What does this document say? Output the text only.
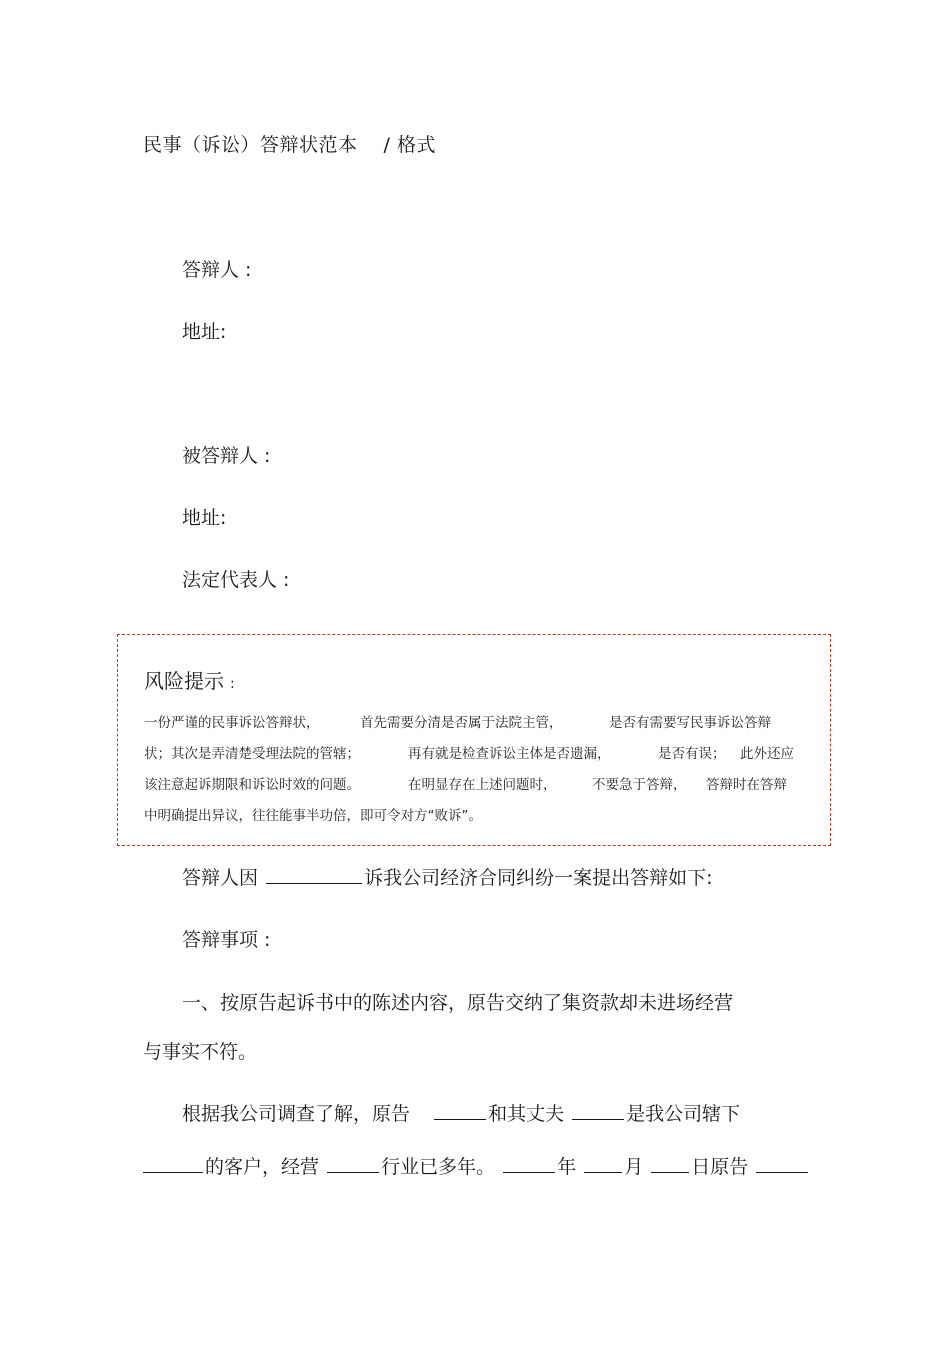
民事（诉讼）答辩状范本　 / 格式
答辩人 :
地址:
被答辩人 :
地址:
法定代表人 :
风险提示 :
一份严谨的民事诉讼答辩状，	首先需要分清是否属于法院主管，	是否有需要写民事诉讼答辩
状；其次是弄清楚受理法院的管辖；	再有就是检查诉讼主体是否遗漏，	是否有误； 此外还应
该注意起诉期限和诉讼时效的问题。	在明显存在上述问题时，	不要急于答辩， 答辩时在答辩
中明确提出异议，往往能事半功倍，即可令对方“败诉”。
答辩人因	诉我公司经济合同纠纷一案提出答辩如下:
答辩事项 :
一、按原告起诉书中的陈述内容，原告交纳了集资款却未进场经营
与事实不符。
根据我公司调查了解，原告	和其丈夫	是我公司辖下
的客户，经营	行业已多年。	年	月	日原告
